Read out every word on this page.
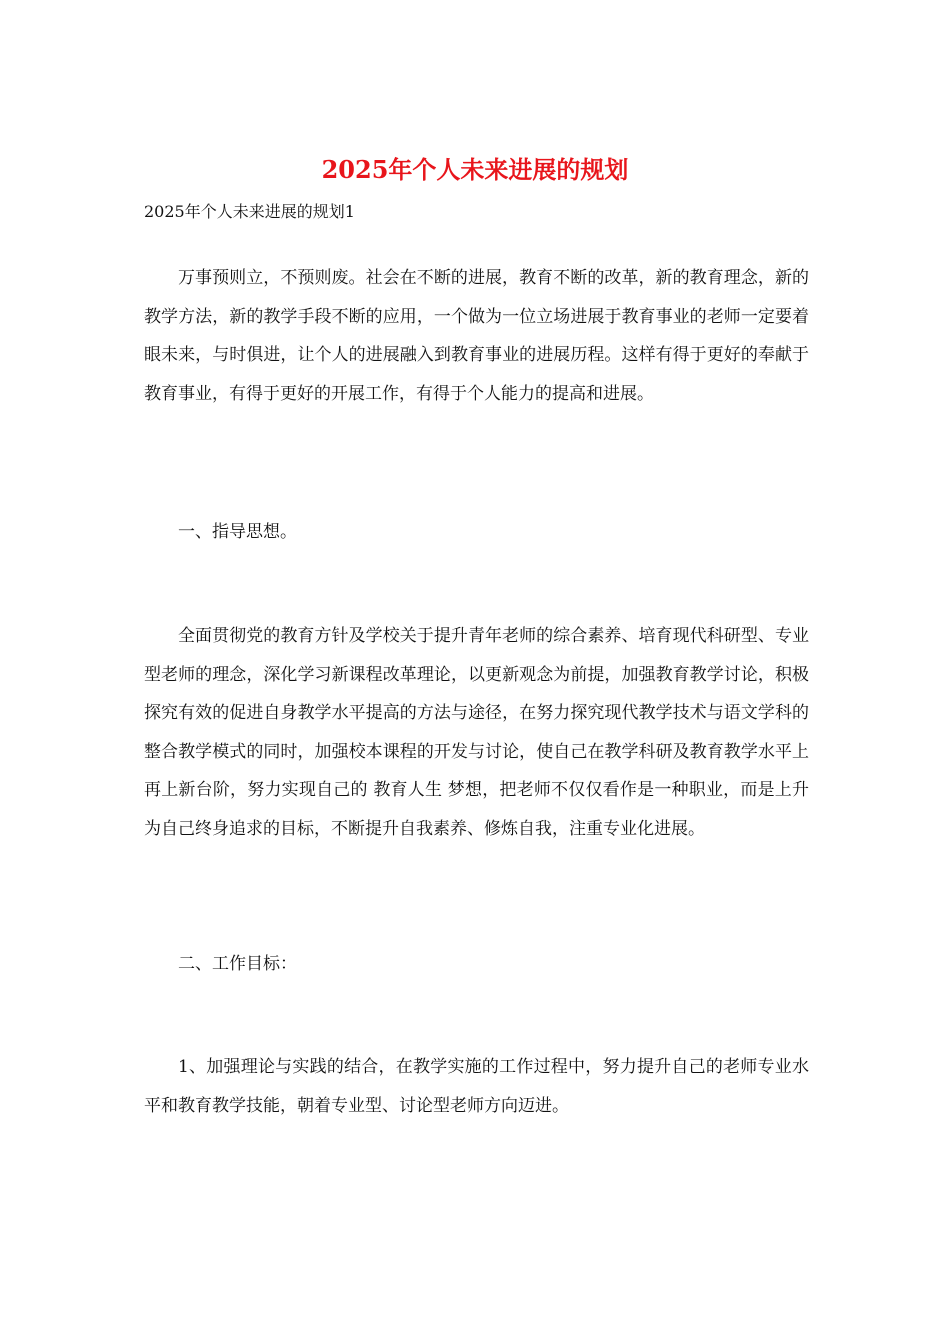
2025年个人未来进展的规划

2025年个人未来进展的规划1

万事预则立，不预则废。社会在不断的进展，教育不断的改革，新的教育理念，新的教学方法，新的教学手段不断的应用，一个做为一位立场进展于教育事业的老师一定要着眼未来，与时俱进，让个人的进展融入到教育事业的进展历程。这样有得于更好的奉献于教育事业，有得于更好的开展工作，有得于个人能力的提高和进展。

一、指导思想。

全面贯彻党的教育方针及学校关于提升青年老师的综合素养、培育现代科研型、专业型老师的理念，深化学习新课程改革理论，以更新观念为前提，加强教育教学讨论，积极探究有效的促进自身教学水平提高的方法与途径，在努力探究现代教学技术与语文学科的整合教学模式的同时，加强校本课程的开发与讨论，使自己在教学科研及教育教学水平上再上新台阶，努力实现自己的 教育人生 梦想，把老师不仅仅看作是一种职业，而是上升为自己终身追求的目标，不断提升自我素养、修炼自我，注重专业化进展。

二、工作目标：

1、加强理论与实践的结合，在教学实施的工作过程中，努力提升自己的老师专业水平和教育教学技能，朝着专业型、讨论型老师方向迈进。
